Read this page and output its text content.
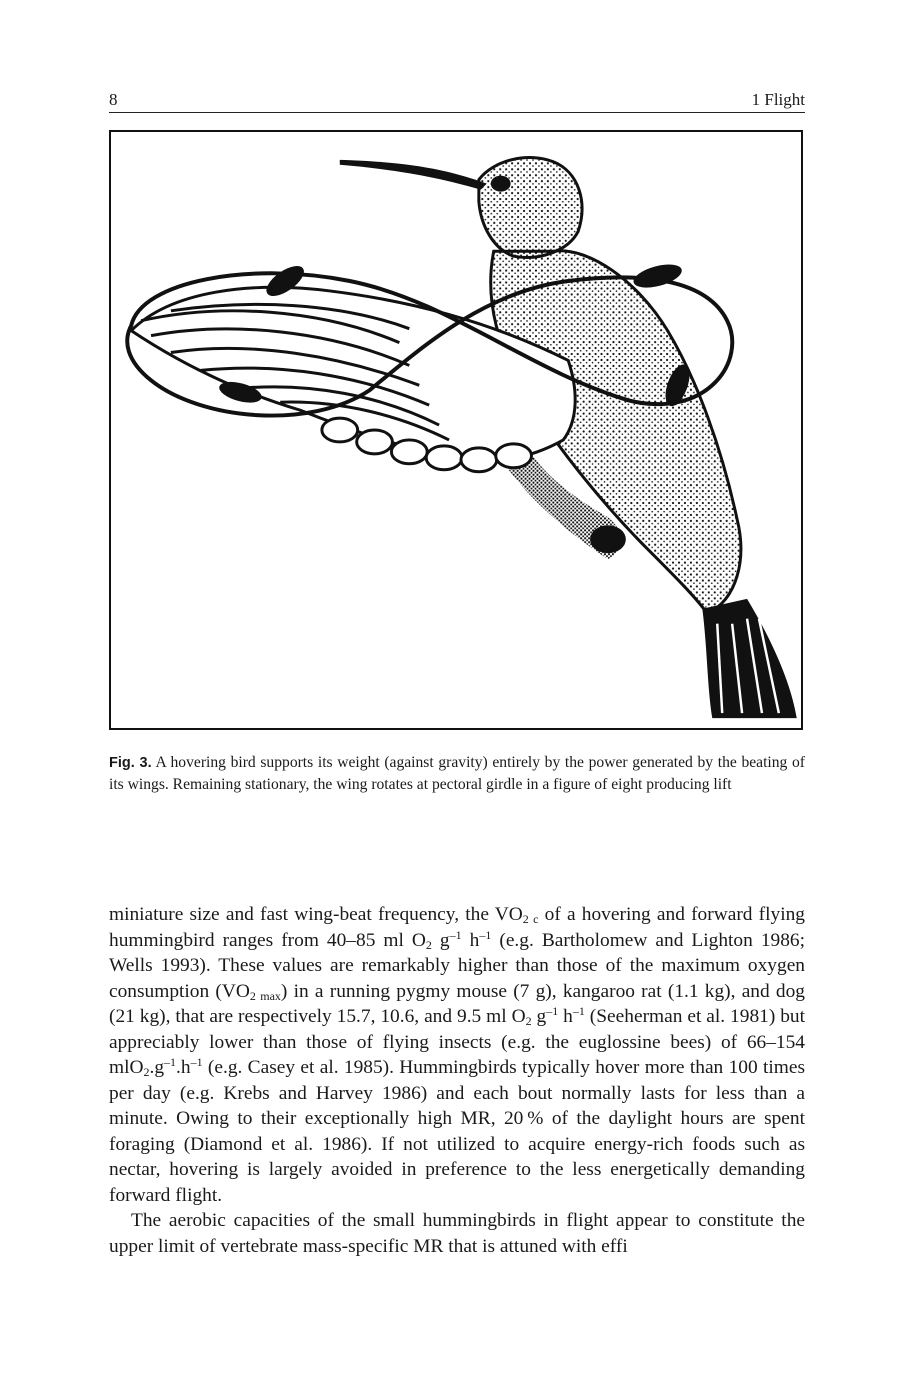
8	1 Flight
Fig. 3. A hovering bird supports its weight (against gravity) entirely by the power generated by the beating of its wings. Remaining stationary, the wing rotates at pectoral girdle in a figure of eight producing lift

miniature size and fast wing-beat frequency, the $VO_{2 c}$ of a hovering and forward flying hummingbird ranges from 40–85 ml $O_2$ $g^{-1}$ $h^{-1}$ (e.g. Bartholomew and Lighton 1986; Wells 1993). These values are remarkably higher than those of the maximum oxygen consumption $(VO_{2 max})$ in a running pygmy mouse (7 g), kangaroo rat (1.1 kg), and dog (21 kg), that are respectively 15.7, 10.6, and 9.5 ml $O_2$ $g^{-1}$ $h^{-1}$ (Seeherman et al. 1981) but appreciably lower than those of flying insects (e.g. the euglossine bees) of 66–154 $mlO_2.g^{-1}.h^{-1}$ (e.g. Casey et al. 1985). Hummingbirds typically hover more than 100 times per day (e.g. Krebs and Harvey 1986) and each bout normally lasts for less than a minute. Owing to their exceptionally high MR, 20 % of the daylight hours are spent foraging (Diamond et al. 1986). If not utilized to acquire energy-rich foods such as nectar, hovering is largely avoided in preference to the less energetically demanding forward flight.

The aerobic capacities of the small hummingbirds in flight appear to constitute the upper limit of vertebrate mass-specific MR that is attuned with effi
